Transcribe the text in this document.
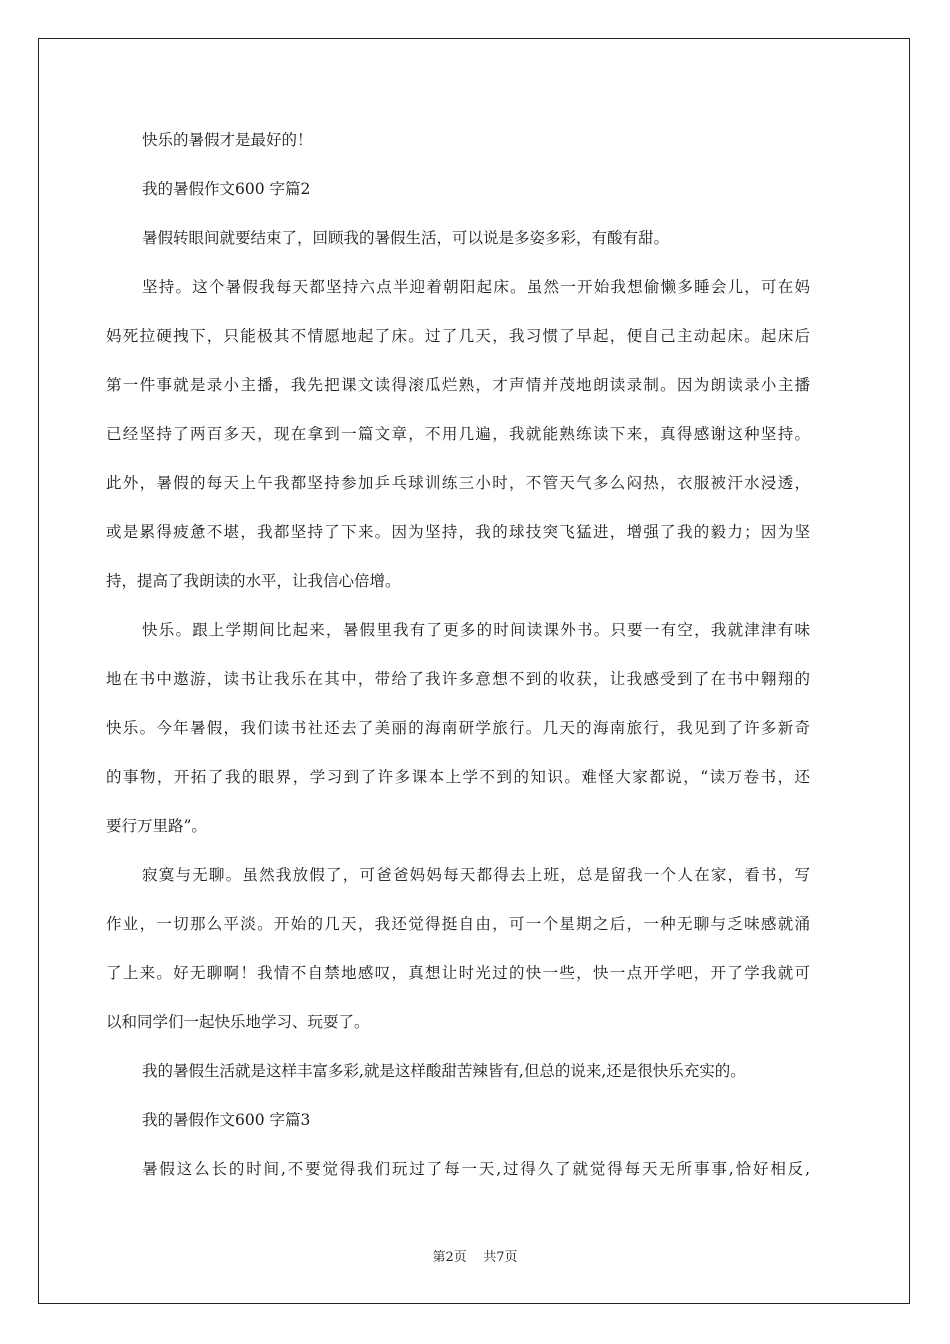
快乐的暑假才是最好的！
我的暑假作文600 字篇2
暑假转眼间就要结束了，回顾我的暑假生活，可以说是多姿多彩，有酸有甜。
坚持。这个暑假我每天都坚持六点半迎着朝阳起床。虽然一开始我想偷懒多睡会儿，可在妈
妈死拉硬拽下，只能极其不情愿地起了床。过了几天，我习惯了早起，便自己主动起床。起床后
第一件事就是录小主播，我先把课文读得滚瓜烂熟，才声情并茂地朗读录制。因为朗读录小主播
已经坚持了两百多天，现在拿到一篇文章，不用几遍，我就能熟练读下来，真得感谢这种坚持。
此外，暑假的每天上午我都坚持参加乒乓球训练三小时，不管天气多么闷热，衣服被汗水浸透，
或是累得疲惫不堪，我都坚持了下来。因为坚持，我的球技突飞猛进，增强了我的毅力；因为坚
持，提高了我朗读的水平，让我信心倍增。
快乐。跟上学期间比起来，暑假里我有了更多的时间读课外书。只要一有空，我就津津有味
地在书中遨游，读书让我乐在其中，带给了我许多意想不到的收获，让我感受到了在书中翱翔的
快乐。今年暑假，我们读书社还去了美丽的海南研学旅行。几天的海南旅行，我见到了许多新奇
的事物，开拓了我的眼界，学习到了许多课本上学不到的知识。难怪大家都说，“读万卷书，还
要行万里路”。
寂寞与无聊。虽然我放假了，可爸爸妈妈每天都得去上班，总是留我一个人在家，看书，写
作业，一切那么平淡。开始的几天，我还觉得挺自由，可一个星期之后，一种无聊与乏味感就涌
了上来。好无聊啊！我情不自禁地感叹，真想让时光过的快一些，快一点开学吧，开了学我就可
以和同学们一起快乐地学习、玩耍了。
我的暑假生活就是这样丰富多彩,就是这样酸甜苦辣皆有,但总的说来,还是很快乐充实的。
我的暑假作文600 字篇3
暑假这么长的时间,不要觉得我们玩过了每一天,过得久了就觉得每天无所事事,恰好相反,
第2页 共7页
